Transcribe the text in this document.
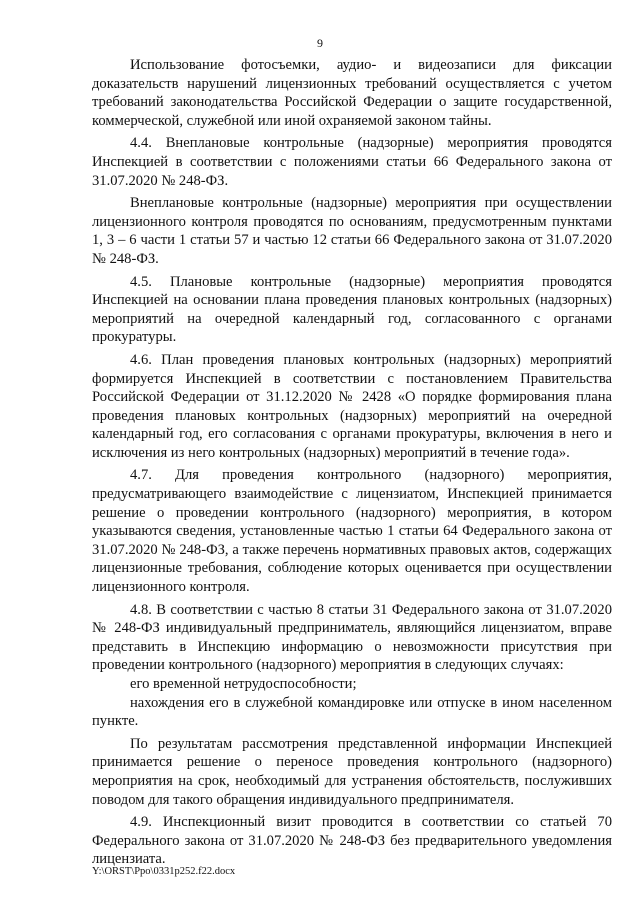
9

Использование фотосъемки, аудио- и видеозаписи для фиксации доказательств нарушений лицензионных требований осуществляется с учетом требований законодательства Российской Федерации о защите государственной, коммерческой, служебной или иной охраняемой законом тайны.

4.4. Внеплановые контрольные (надзорные) мероприятия проводятся Инспекцией в соответствии с положениями статьи 66 Федерального закона от 31.07.2020 № 248-ФЗ.

Внеплановые контрольные (надзорные) мероприятия при осуществлении лицензионного контроля проводятся по основаниям, предусмотренным пунктами 1, 3 – 6 части 1 статьи 57 и частью 12 статьи 66 Федерального закона от 31.07.2020 № 248-ФЗ.

4.5. Плановые контрольные (надзорные) мероприятия проводятся Инспекцией на основании плана проведения плановых контрольных (надзорных) мероприятий на очередной календарный год, согласованного с органами прокуратуры.

4.6. План проведения плановых контрольных (надзорных) мероприятий формируется Инспекцией в соответствии с постановлением Правительства Российской Федерации от 31.12.2020 № 2428 «О порядке формирования плана проведения плановых контрольных (надзорных) мероприятий на очередной календарный год, его согласования с органами прокуратуры, включения в него и исключения из него контрольных (надзорных) мероприятий в течение года».

4.7. Для проведения контрольного (надзорного) мероприятия, предусматривающего взаимодействие с лицензиатом, Инспекцией принимается решение о проведении контрольного (надзорного) мероприятия, в котором указываются сведения, установленные частью 1 статьи 64 Федерального закона от 31.07.2020 № 248-ФЗ, а также перечень нормативных правовых актов, содержащих лицензионные требования, соблюдение которых оценивается при осуществлении лицензионного контроля.

4.8. В соответствии с частью 8 статьи 31 Федерального закона от 31.07.2020 № 248-ФЗ индивидуальный предприниматель, являющийся лицензиатом, вправе представить в Инспекцию информацию о невозможности присутствия при проведении контрольного (надзорного) мероприятия в следующих случаях:

его временной нетрудоспособности;

нахождения его в служебной командировке или отпуске в ином населенном пункте.

По результатам рассмотрения представленной информации Инспекцией принимается решение о переносе проведения контрольного (надзорного) мероприятия на срок, необходимый для устранения обстоятельств, послуживших поводом для такого обращения индивидуального предпринимателя.

4.9. Инспекционный визит проводится в соответствии со статьей 70 Федерального закона от 31.07.2020 № 248-ФЗ без предварительного уведомления лицензиата.

Y:\ORST\Ppo\0331p252.f22.docx
